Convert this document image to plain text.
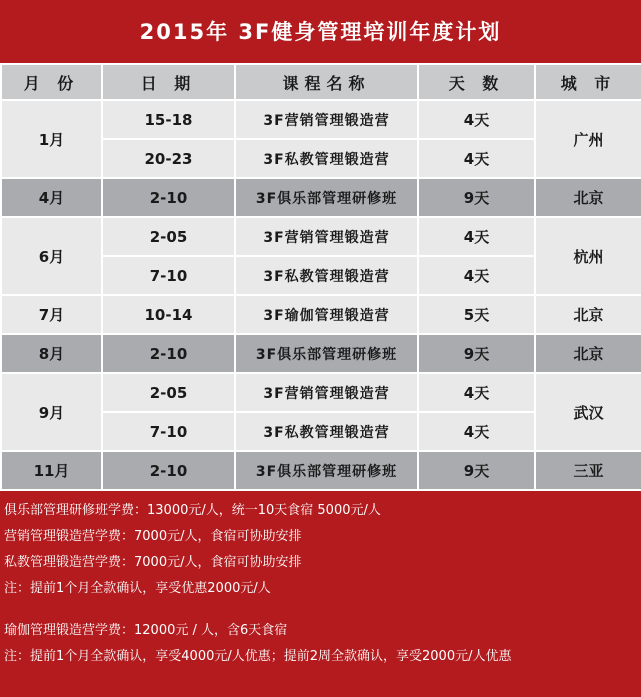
2015年 3F健身管理培训年度计划
月 份	日 期	课程名称	天 数	城 市
1月	15-18	3F营销管理锻造营	4天	广州
	20-23	3F私教管理锻造营	4天	
4月	2-10	3F俱乐部管理研修班	9天	北京
6月	2-05	3F营销管理锻造营	4天	杭州
	7-10	3F私教管理锻造营	4天	
7月	10-14	3F瑜伽管理锻造营	5天	北京
8月	2-10	3F俱乐部管理研修班	9天	北京
9月	2-05	3F营销管理锻造营	4天	武汉
	7-10	3F私教管理锻造营	4天	
11月	2-10	3F俱乐部管理研修班	9天	三亚
俱乐部管理研修班学费：13000元/人，统一10天食宿 5000元/人
营销管理锻造营学费：7000元/人，食宿可协助安排
私教管理锻造营学费：7000元/人，食宿可协助安排
注：提前1个月全款确认，享受优惠2000元/人
瑜伽管理锻造营学费：12000元 / 人，含6天食宿
注：提前1个月全款确认，享受4000元/人优惠；提前2周全款确认，享受2000元/人优惠
